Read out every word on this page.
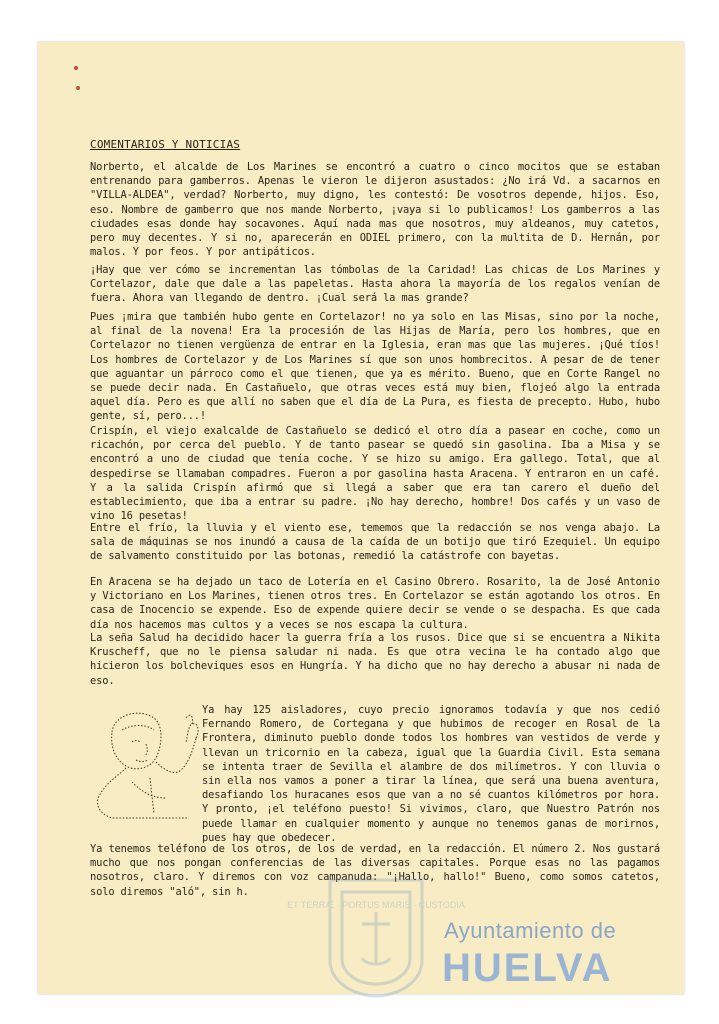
COMENTARIOS Y NOTICIAS
Norberto, el alcalde de Los Marines se encontró a cuatro o cinco mocitos que se estaban entrenando para gamberros. Apenas le vieron le dijeron asustados: ¿No irá Vd. a sacarnos en "VILLA-ALDEA", verdad? Norberto, muy digno, les contestó: De vosotros depende, hijos. Eso, eso. Nombre de gamberro que nos mande Norberto, ¡vaya si lo publicamos! Los gamberros a las ciudades esas donde hay socavones. Aquí nada mas que nosotros, muy aldeanos, muy catetos, pero muy decentes. Y si no, aparecerán en ODIEL primero, con la multita de D. Hernán, por malos. Y por feos. Y por antipáticos.
¡Hay que ver cómo se incrementan las tómbolas de la Caridad! Las chicas de Los Marines y Cortelazor, dale que dale a las papeletas. Hasta ahora la mayoría de los regalos venían de fuera. Ahora van llegando de dentro. ¡Cual será la mas grande?
Pues ¡mira que también hubo gente en Cortelazor! no ya solo en las Misas, sino por la noche, al final de la novena! Era la procesión de las Hijas de María, pero los hombres, que en Cortelazor no tienen vergüenza de entrar en la Iglesia, eran mas que las mujeres. ¡Qué tíos! Los hombres de Cortelazor y de Los Marines sí que son unos hombrecitos. A pesar de de tener que aguantar un párroco como el que tienen, que ya es mérito. Bueno, que en Corte Rangel no se puede decir nada. En Castañuelo, que otras veces está muy bien, flojeó algo la entrada aquel día. Pero es que allí no saben que el día de La Pura, es fiesta de precepto. Hubo, hubo gente, sí, pero...!
Crispín, el viejo exalcalde de Castañuelo se dedicó el otro día a pasear en coche, como un ricachón, por cerca del pueblo. Y de tanto pasear se quedó sin gasolina. Iba a Misa y se encontró a uno de ciudad que tenía coche. Y se hizo su amigo. Era gallego. Total, que al despedirse se llamaban compadres. Fueron a por gasolina hasta Aracena. Y entraron en un café. Y a la salida Crispín afirmó que si llegá a saber que era tan carero el dueño del establecimiento, que iba a entrar su padre. ¡No hay derecho, hombre! Dos cafés y un vaso de vino 16 pesetas!
Entre el frío, la lluvia y el viento ese, tememos que la redacción se nos venga abajo. La sala de máquinas se nos inundó a causa de la caída de un botijo que tiró Ezequiel. Un equipo de salvamento constituido por las botonas, remedió la catástrofe con bayetas.
En Aracena se ha dejado un taco de Lotería en el Casino Obrero. Rosarito, la de José Antonio y Victoriano en Los Marines, tienen otros tres. En Cortelazor se están agotando los otros. En casa de Inocencio se expende. Eso de expende quiere decir se vende o se despacha. Es que cada día nos hacemos mas cultos y a veces se nos escapa la cultura.
La seña Salud ha decidido hacer la guerra fría a los rusos. Dice que si se encuentra a Nikita Kruscheff, que no le piensa saludar ni nada. Es que otra vecina le ha contado algo que hicieron los bolcheviques esos en Hungría. Y ha dicho que no hay derecho a abusar ni nada de eso.
Ya hay 125 aisladores, cuyo precio ignoramos todavía y que nos cedió Fernando Romero, de Cortegana y que hubimos de recoger en Rosal de la Frontera, diminuto pueblo donde todos los hombres van vestidos de verde y llevan un tricornio en la cabeza, igual que la Guardia Civil. Esta semana se intenta traer de Sevilla el alambre de dos milímetros. Y con lluvia o sin ella nos vamos a poner a tirar la línea, que será una buena aventura, desafiando los huracanes esos que van a no sé cuantos kilómetros por hora. Y pronto, ¡el teléfono puesto! Si vivimos, claro, que Nuestro Patrón nos puede llamar en cualquier momento y aunque no tenemos ganas de morirnos, pues hay que obedecer.
Ya tenemos teléfono de los otros, de los de verdad, en la redacción. El número 2. Nos gustará mucho que nos pongan conferencias de las diversas capitales. Porque esas no las pagamos nosotros, claro. Y diremos con voz campanuda: "¡Hallo, hallo!" Bueno, como somos catetos, solo diremos "aló", sin h.
ET TERRÆ · PORTUS MARIS · CUSTODIA
Ayuntamiento de
HUELVA
